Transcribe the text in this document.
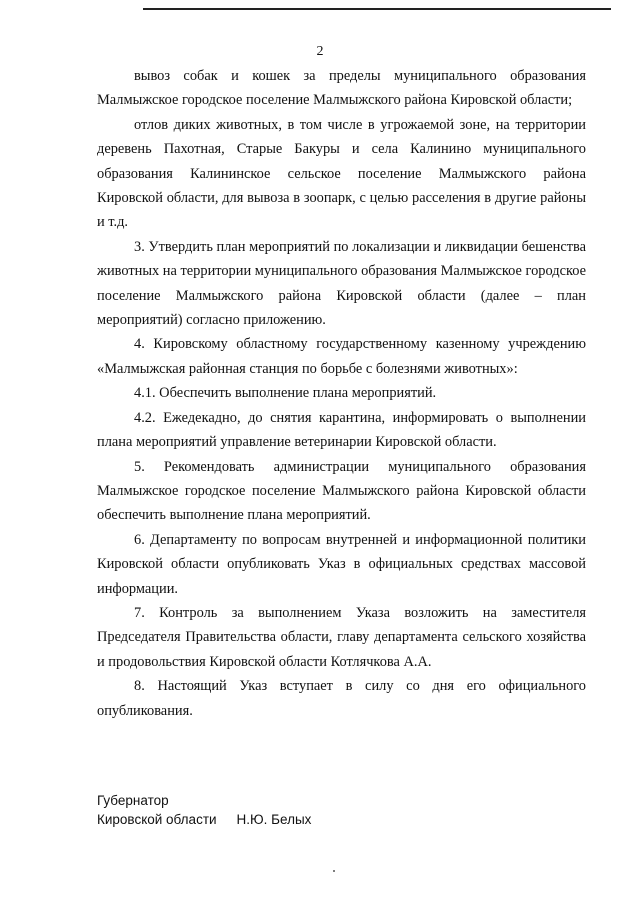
2

вывоз собак и кошек за пределы муниципального образования Малмыжское городское поселение Малмыжского района Кировской области;

отлов диких животных, в том числе в угрожаемой зоне, на территории деревень Пахотная, Старые Бакуры и села Калинино муниципального образования Калининское сельское поселение Малмыжского района Кировской области, для вывоза в зоопарк, с целью расселения в другие районы и т.д.

3. Утвердить план мероприятий по локализации и ликвидации бешенства животных на территории муниципального образования Малмыжское городское поселение Малмыжского района Кировской области (далее – план мероприятий) согласно приложению.

4. Кировскому областному государственному казенному учреждению «Малмыжская районная станция по борьбе с болезнями животных»:

4.1. Обеспечить выполнение плана мероприятий.

4.2. Ежедекадно, до снятия карантина, информировать о выполнении плана мероприятий управление ветеринарии Кировской области.

5. Рекомендовать администрации муниципального образования Малмыжское городское поселение Малмыжского района Кировской области обеспечить выполнение плана мероприятий.

6. Департаменту по вопросам внутренней и информационной политики Кировской области опубликовать Указ в официальных средствах массовой информации.

7. Контроль за выполнением Указа возложить на заместителя Председателя Правительства области, главу департамента сельского хозяйства и продовольствия Кировской области Котлячкова А.А.

8. Настоящий Указ вступает в силу со дня его официального опубликования.

Губернатор
Кировской области Н.Ю. Белых
